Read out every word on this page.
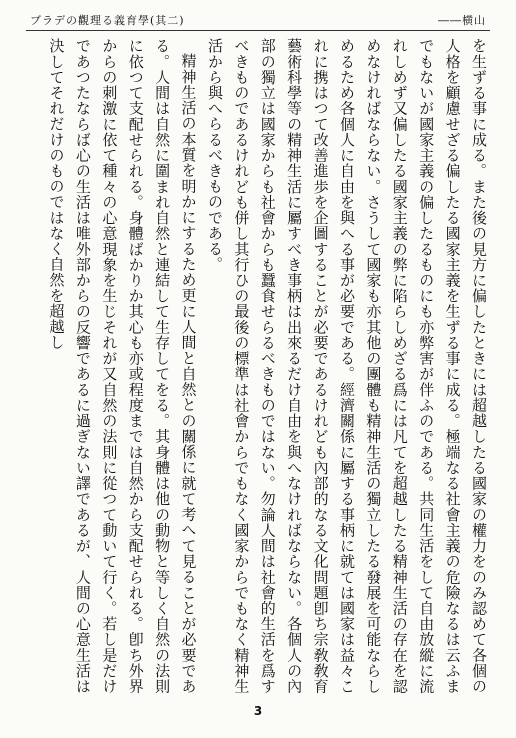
ブラデの觀理る義育學(其二)	――横山

を生ずる事に成る。また後の見方に偏したときには超越したる國家の權力をのみ認めて各個の人格を顧慮せざる偏したる國家主義を生ずる事に成る。極端なる社會主義の危險なるは云ふまでもないが國家主義の偏したるものにも亦弊害が伴ふのである。共同生活をして自由放縱に流れしめず又偏したる國家主義の弊に陷らしめざる爲には凡てを超越したる精神生活の存在を認めなければならない。さうして國家も亦其他の團體も精神生活の獨立したる發展を可能ならしめるため各個人に自由を與へる事が必要である。經濟關係に屬する事柄に就ては國家は益々これに携はつて改善進歩を企圖することが必要であるけれども內部的なる文化問題卽ち宗敎敎育藝術科學等の精神生活に屬すべき事柄は出來るだけ自由を與へなければならない。各個人の內部の獨立は國家からも社會からも蠶食せらるべきものではない。勿論人間は社會的生活を爲すべきものであるけれども併し其行ひの最後の標準は社會からでもなく國家からでもなく精神生活から與へらるべきものである。

精神生活の本質を明かにするため更に人間と自然との關係に就て考へて見ることが必要である。人間は自然に圍まれ自然と連結して生存してをる。其身體は他の動物と等しく自然の法則に依つて支配せられる。身體ばかりか其心も亦或程度までは自然から支配せられる。卽ち外界からの刺激に依て種々の心意現象を生じそれが又自然の法則に從つて動いて行く。若し是だけであつたならば心の生活は唯外部からの反響であるに過ぎない譯であるが、人間の心意生活は決してそれだけのものではなく自然を超越し

3
